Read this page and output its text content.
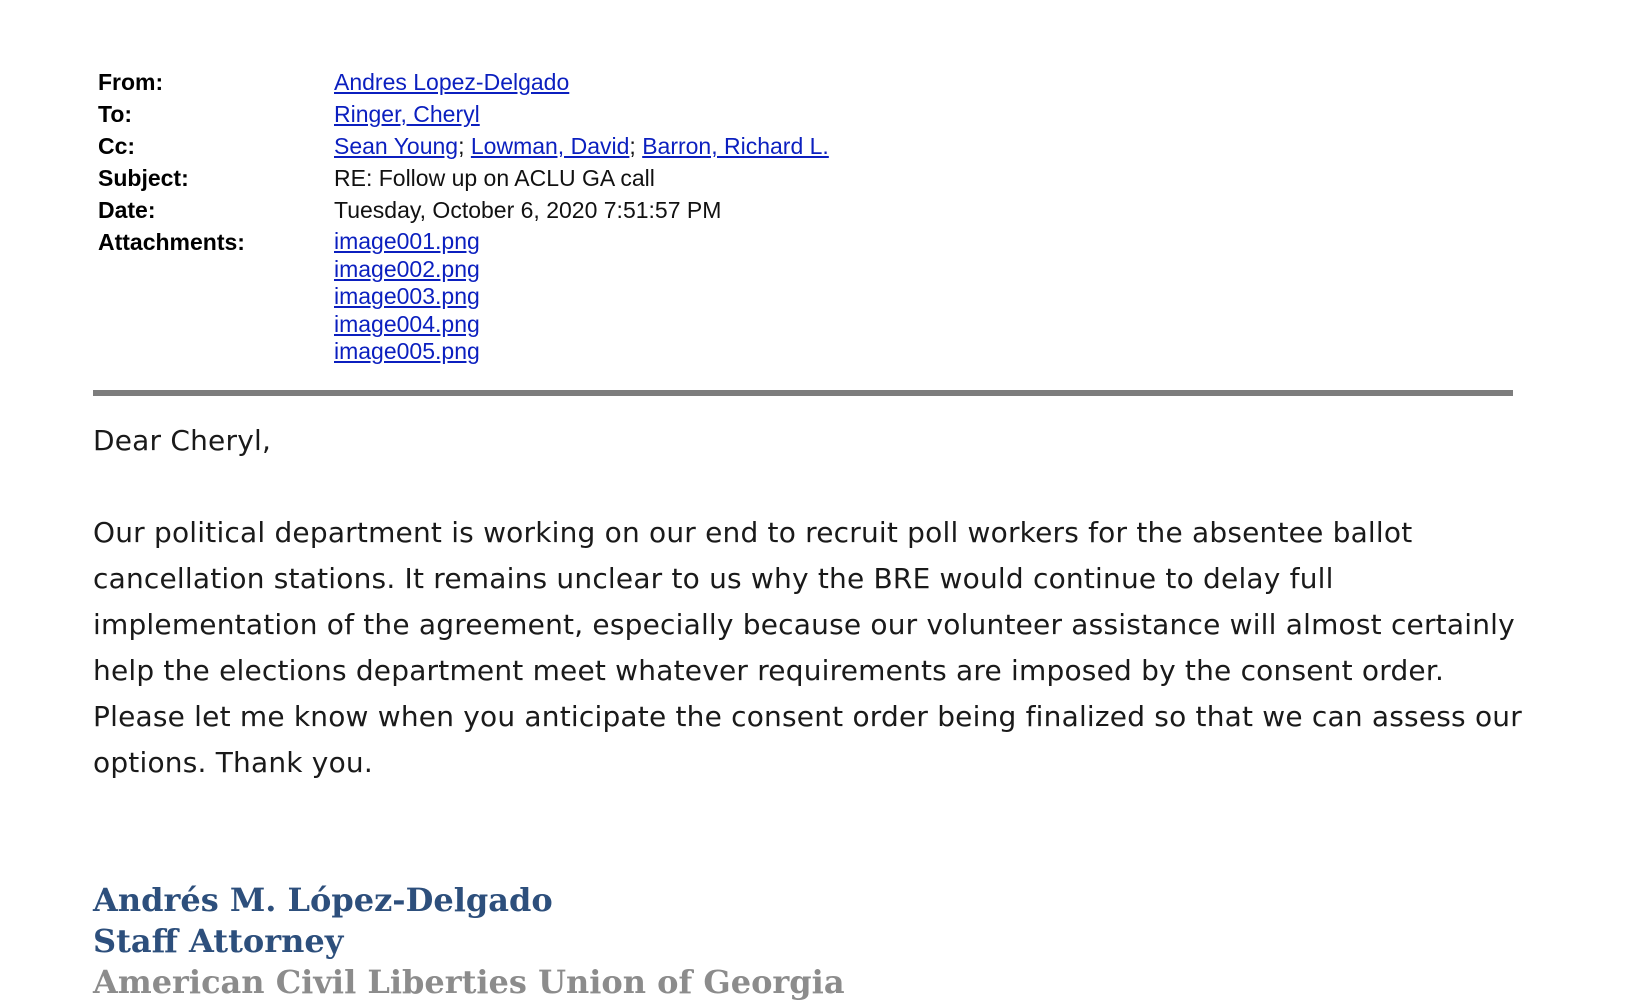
From:	Andres Lopez-Delgado
To:	Ringer, Cheryl
Cc:	Sean Young; Lowman, David; Barron, Richard L.
Subject:	RE: Follow up on ACLU GA call
Date:	Tuesday, October 6, 2020 7:51:57 PM
Attachments:	image001.png
image002.png
image003.png
image004.png
image005.png

Dear Cheryl,

Our political department is working on our end to recruit poll workers for the absentee ballot cancellation stations. It remains unclear to us why the BRE would continue to delay full implementation of the agreement, especially because our volunteer assistance will almost certainly help the elections department meet whatever requirements are imposed by the consent order. Please let me know when you anticipate the consent order being finalized so that we can assess our options. Thank you.

Andrés M. López-Delgado
Staff Attorney
American Civil Liberties Union of Georgia
